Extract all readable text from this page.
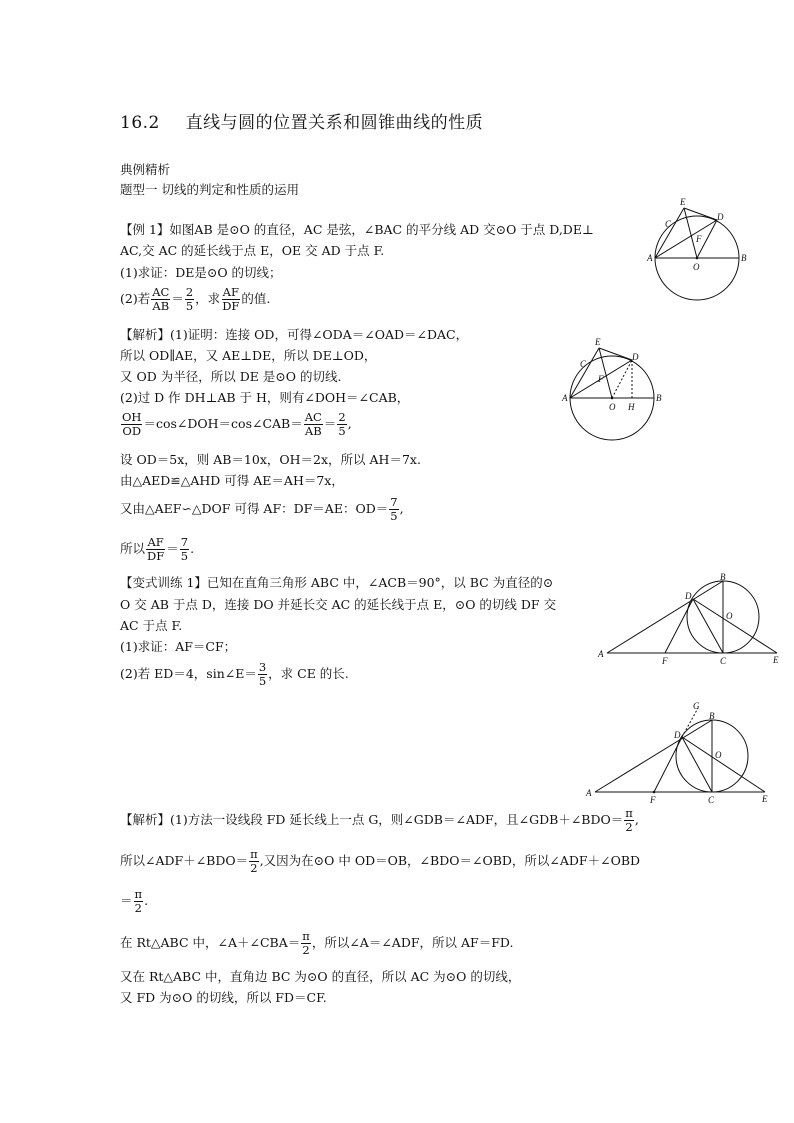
16.2 直线与圆的位置关系和圆锥曲线的性质
典例精析
题型一 切线的判定和性质的运用
【例 1】如图AB 是⊙O 的直径，AC 是弦，∠BAC 的平分线 AD 交⊙O 于点 D,DE⊥
AC,交 AC 的延长线于点 E，OE 交 AD 于点 F.
(1)求证：DE是⊙O 的切线；
(2)若 $\frac{AC}{AB} = \frac{2}{5}$ ，求 $\frac{AF}{DF}$ 的值.
【解析】(1)证明：连接 OD，可得∠ODA＝∠OAD＝∠DAC，
所以 OD∥AE，又 AE⊥DE，所以 DE⊥OD，
又 OD 为半径，所以 DE 是⊙O 的切线.
(2)过 D 作 DH⊥AB 于 H，则有∠DOH＝∠CAB，
$\frac{OH}{OD}$ ＝cos∠DOH＝cos∠CAB＝ $\frac{AC}{AB} = \frac{2}{5}$ ,
设 OD＝5x，则 AB＝10x，OH＝2x，所以 AH＝7x.
由△AED≌△AHD 可得 AE＝AH＝7x，
又由△AEF∽△DOF 可得 AF：DF＝AE：$OD= \frac{7}{5}$ ,
所以 $\frac{AF}{DF} = \frac{7}{5}$ .
【变式训练 1】已知在直角三角形 ABC 中，∠ACB＝90°，以 BC 为直径的⊙
O 交 AB 于点 D，连接 DO 并延长交 AC 的延长线于点 E，⊙O 的切线 DF 交
AC 于点 F.
(1)求证：AF＝CF；
(2)若 ED＝4，sin∠E＝ $\frac{3}{5}$ ，求 CE 的长.
【解析】(1)方法一设线段 FD 延长线上一点 G，则∠GDB＝∠ADF，且∠GDB＋∠BDO＝ $\frac{\pi}{2}$ ,
所以∠ADF＋∠BDO＝ $\frac{\pi}{2}$ ,又因为在⊙O 中 OD＝OB，∠BDO＝∠OBD，所以∠ADF＋∠OBD
＝ $\frac{\pi}{2}$ .
在 Rt△ABC 中，∠A＋∠CBA＝ $\frac{\pi}{2}$ ，所以∠A＝∠ADF，所以 AF＝FD.
又在 Rt△ABC 中，直角边 BC 为⊙O 的直径，所以 AC 为⊙O 的切线，
又 FD 为⊙O 的切线，所以 FD＝CF.
A	B
C
D
E
F
O
A	B
C
D
E
F
O H
A
B
C
D
E
F
O
A
B
C
D
E
F
O
G
